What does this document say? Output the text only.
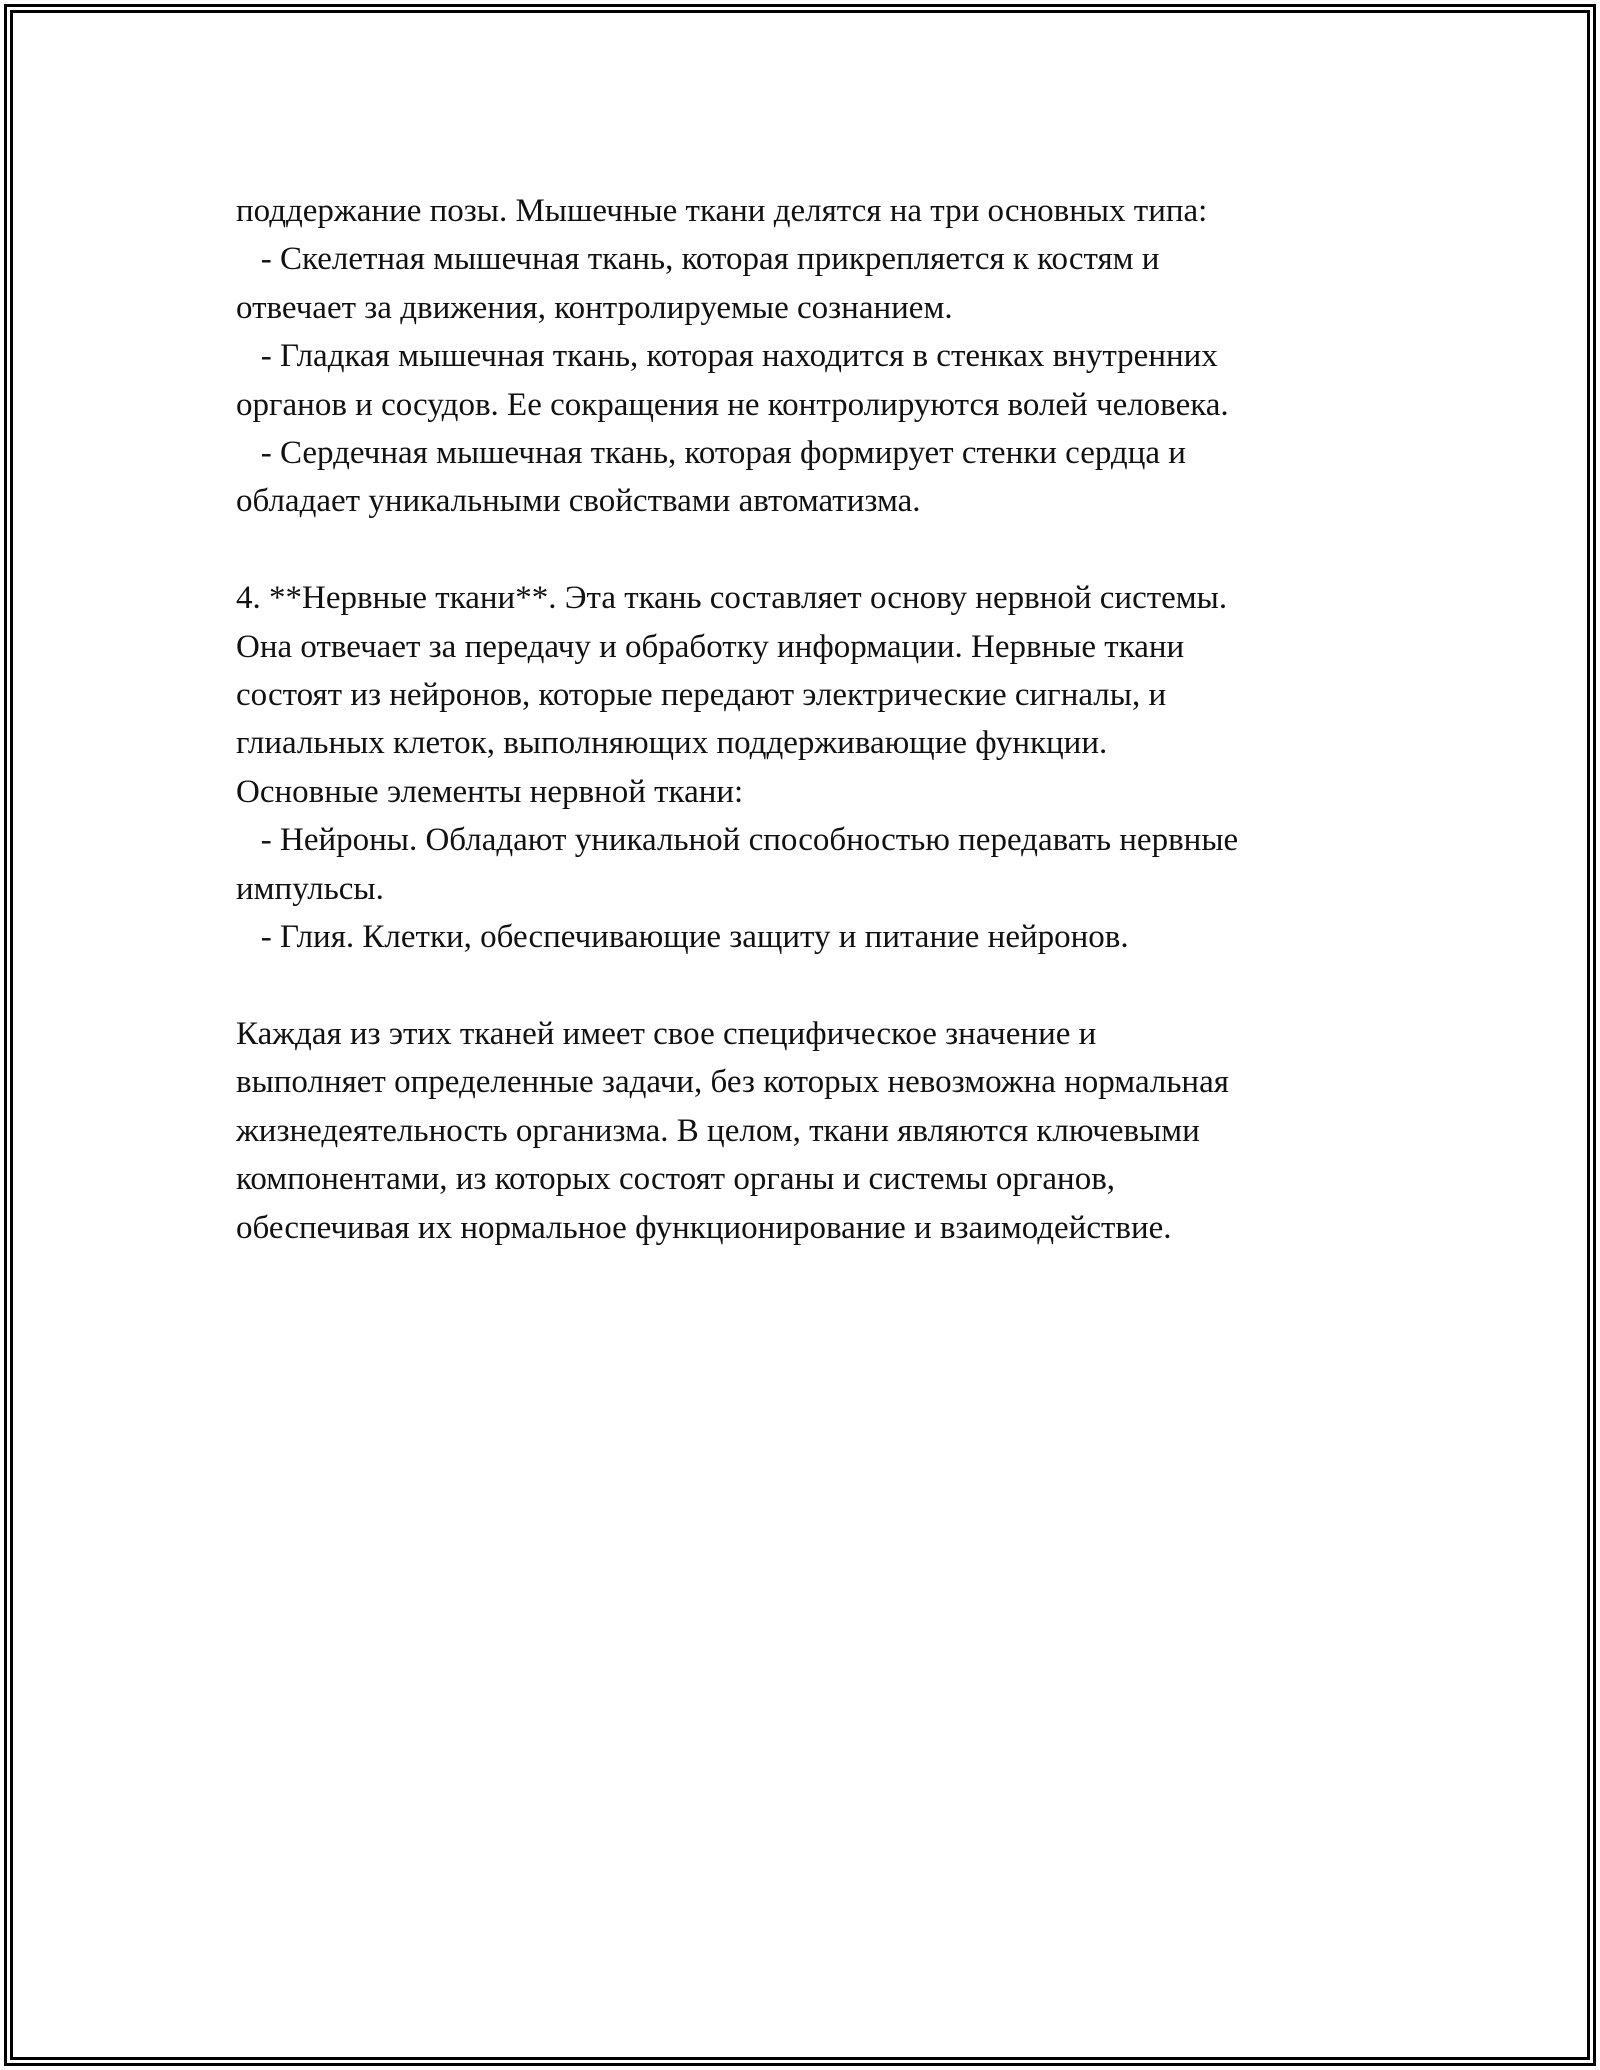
поддержание позы. Мышечные ткани делятся на три основных типа:
- Скелетная мышечная ткань, которая прикрепляется к костям и
отвечает за движения, контролируемые сознанием.
- Гладкая мышечная ткань, которая находится в стенках внутренних
органов и сосудов. Ее сокращения не контролируются волей человека.
- Сердечная мышечная ткань, которая формирует стенки сердца и
обладает уникальными свойствами автоматизма.
4. **Нервные ткани**. Эта ткань составляет основу нервной системы.
Она отвечает за передачу и обработку информации. Нервные ткани
состоят из нейронов, которые передают электрические сигналы, и
глиальных клеток, выполняющих поддерживающие функции.
Основные элементы нервной ткани:
- Нейроны. Обладают уникальной способностью передавать нервные
импульсы.
- Глия. Клетки, обеспечивающие защиту и питание нейронов.
Каждая из этих тканей имеет свое специфическое значение и
выполняет определенные задачи, без которых невозможна нормальная
жизнедеятельность организма. В целом, ткани являются ключевыми
компонентами, из которых состоят органы и системы органов,
обеспечивая их нормальное функционирование и взаимодействие.
